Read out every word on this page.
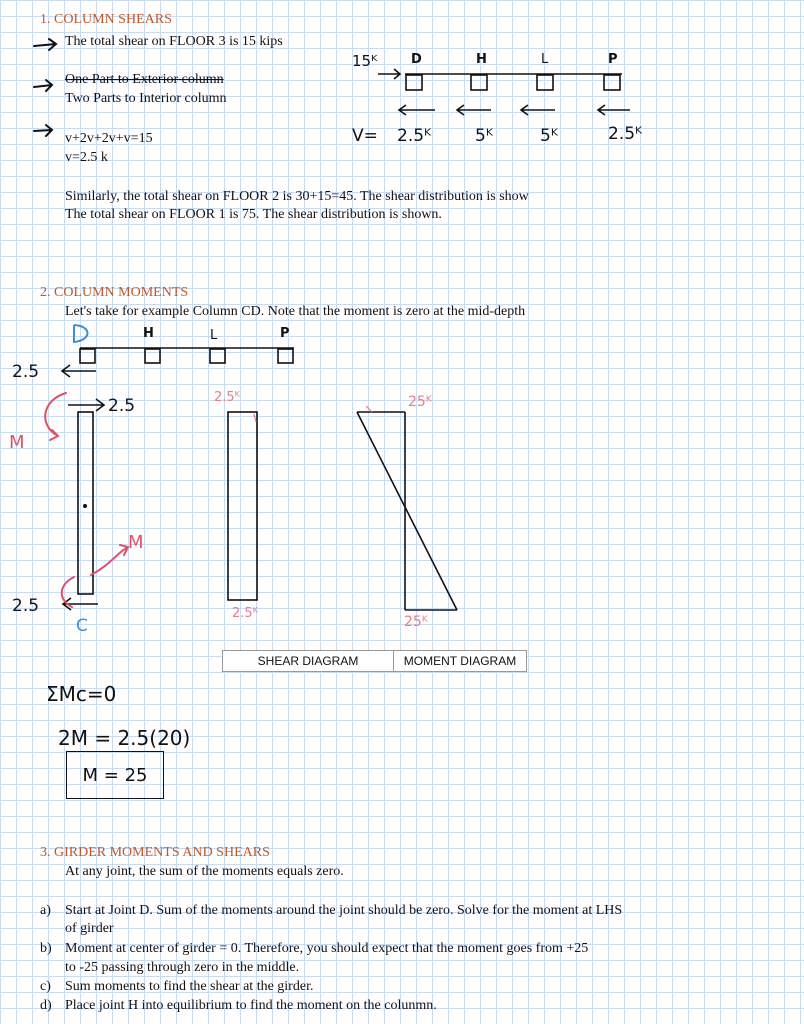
1. COLUMN SHEARS
The total shear on FLOOR 3 is 15 kips
One Part to Exterior column
Two Parts to Interior column
v+2v+2v+v=15
v=2.5 k
Similarly, the total shear on FLOOR 2 is 30+15=45. The shear distribution is show
The total shear on FLOOR 1 is 75. The shear distribution is shown.
15ᴷ	D	H	L	P
V= 2.5ᴷ	5ᴷ	5ᴷ	2.5ᴷ
2. COLUMN MOMENTS
Let's take for example Column CD. Note that the moment is zero at the mid-depth
H	L	P
2.5
2.5
2.5
M
M
C
2.5ᴷ
2.5ᴷ
25ᴷ
25ᴷ
SHEAR DIAGRAM	MOMENT DIAGRAM
ΣMc=0
2M = 2.5(20)
M = 25
3. GIRDER MOMENTS AND SHEARS
At any joint, the sum of the moments equals zero.
a) Start at Joint D. Sum of the moments around the joint should be zero. Solve for the moment at LHS
of girder
b) Moment at center of girder = 0. Therefore, you should expect that the moment goes from +25
to -25 passing through zero in the middle.
c) Sum moments to find the shear at the girder.
d) Place joint H into equilibrium to find the moment on the colunmn.
